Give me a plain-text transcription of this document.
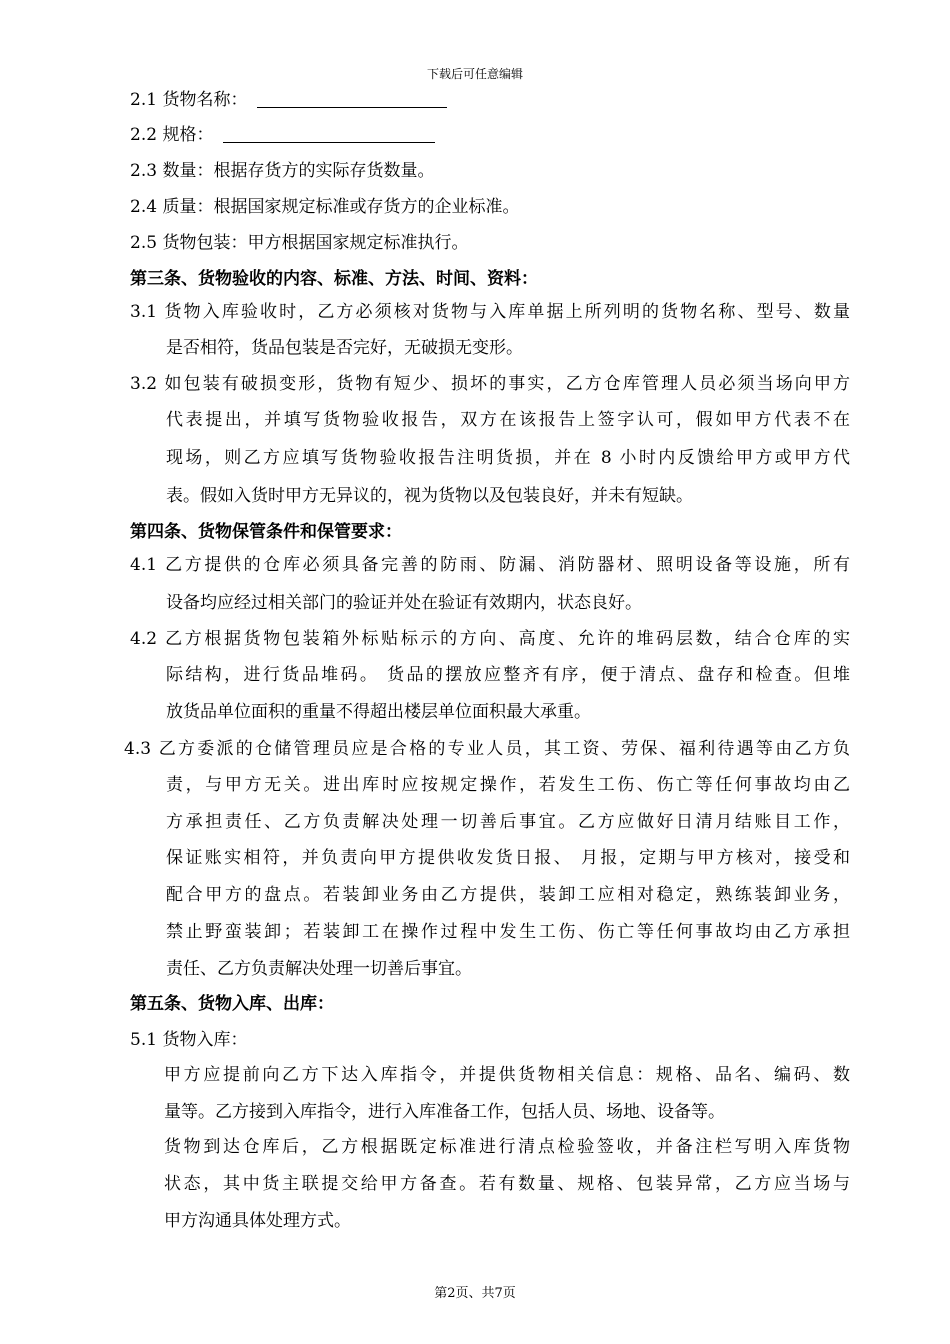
下载后可任意编辑
2.1 货物名称：
2.2 规格：
2.3 数量：根据存货方的实际存货数量。
2.4 质量：根据国家规定标准或存货方的企业标准。
2.5 货物包装：甲方根据国家规定标准执行。
第三条、货物验收的内容、标准、方法、时间、资料：
3.1 货物入库验收时，乙方必须核对货物与入库单据上所列明的货物名称、型号、数量
是否相符，货品包装是否完好，无破损无变形。
3.2 如包装有破损变形，货物有短少、损坏的事实，乙方仓库管理人员必须当场向甲方
代表提出，并填写货物验收报告，双方在该报告上签字认可，假如甲方代表不在
现场，则乙方应填写货物验收报告注明货损，并在 8 小时内反馈给甲方或甲方代
表。假如入货时甲方无异议的，视为货物以及包装良好，并未有短缺。
第四条、货物保管条件和保管要求：
4.1 乙方提供的仓库必须具备完善的防雨、防漏、消防器材、照明设备等设施，所有
设备均应经过相关部门的验证并处在验证有效期内，状态良好。
4.2 乙方根据货物包装箱外标贴标示的方向、高度、允许的堆码层数，结合仓库的实
际结构，进行货品堆码。 货品的摆放应整齐有序，便于清点、盘存和检查。但堆
放货品单位面积的重量不得超出楼层单位面积最大承重。
4.3 乙方委派的仓储管理员应是合格的专业人员，其工资、劳保、福利待遇等由乙方负
责，与甲方无关。进出库时应按规定操作，若发生工伤、伤亡等任何事故均由乙
方承担责任、乙方负责解决处理一切善后事宜。乙方应做好日清月结账目工作，
保证账实相符，并负责向甲方提供收发货日报、 月报，定期与甲方核对，接受和
配合甲方的盘点。若装卸业务由乙方提供，装卸工应相对稳定，熟练装卸业务，
禁止野蛮装卸；若装卸工在操作过程中发生工伤、伤亡等任何事故均由乙方承担
责任、乙方负责解决处理一切善后事宜。
第五条、货物入库、出库：
5.1 货物入库：
甲方应提前向乙方下达入库指令，并提供货物相关信息：规格、品名、编码、数
量等。乙方接到入库指令，进行入库准备工作，包括人员、场地、设备等。
货物到达仓库后，乙方根据既定标准进行清点检验签收，并备注栏写明入库货物
状态，其中货主联提交给甲方备查。若有数量、规格、包装异常，乙方应当场与
甲方沟通具体处理方式。
第2页、共7页
